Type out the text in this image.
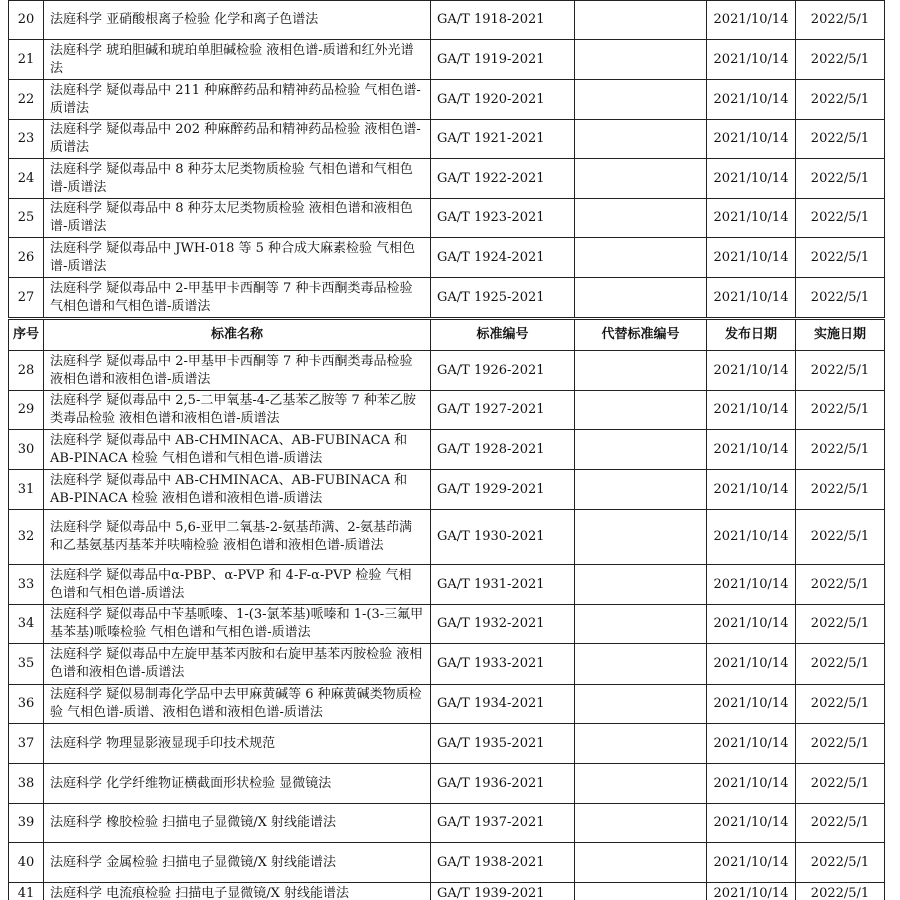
20	法庭科学 亚硝酸根离子检验 化学和离子色谱法	GA/T 1918-2021		2021/10/14	2022/5/1
21	法庭科学 琥珀胆碱和琥珀单胆碱检验 液相色谱-质谱和红外光谱法	GA/T 1919-2021		2021/10/14	2022/5/1
22	法庭科学 疑似毒品中 211 种麻醉药品和精神药品检验 气相色谱-质谱法	GA/T 1920-2021		2021/10/14	2022/5/1
23	法庭科学 疑似毒品中 202 种麻醉药品和精神药品检验 液相色谱-质谱法	GA/T 1921-2021		2021/10/14	2022/5/1
24	法庭科学 疑似毒品中 8 种芬太尼类物质检验 气相色谱和气相色谱-质谱法	GA/T 1922-2021		2021/10/14	2022/5/1
25	法庭科学 疑似毒品中 8 种芬太尼类物质检验 液相色谱和液相色谱-质谱法	GA/T 1923-2021		2021/10/14	2022/5/1
26	法庭科学 疑似毒品中 JWH-018 等 5 种合成大麻素检验 气相色谱-质谱法	GA/T 1924-2021		2021/10/14	2022/5/1
27	法庭科学 疑似毒品中 2-甲基甲卡西酮等 7 种卡西酮类毒品检验 气相色谱和气相色谱-质谱法	GA/T 1925-2021		2021/10/14	2022/5/1
序号	标准名称	标准编号	代替标准编号	发布日期	实施日期
28	法庭科学 疑似毒品中 2-甲基甲卡西酮等 7 种卡西酮类毒品检验 液相色谱和液相色谱-质谱法	GA/T 1926-2021		2021/10/14	2022/5/1
29	法庭科学 疑似毒品中 2,5-二甲氧基-4-乙基苯乙胺等 7 种苯乙胺类毒品检验 液相色谱和液相色谱-质谱法	GA/T 1927-2021		2021/10/14	2022/5/1
30	法庭科学 疑似毒品中 AB-CHMINACA、AB-FUBINACA 和 AB-PINACA 检验 气相色谱和气相色谱-质谱法	GA/T 1928-2021		2021/10/14	2022/5/1
31	法庭科学 疑似毒品中 AB-CHMINACA、AB-FUBINACA 和 AB-PINACA 检验 液相色谱和液相色谱-质谱法	GA/T 1929-2021		2021/10/14	2022/5/1
32	法庭科学 疑似毒品中 5,6-亚甲二氧基-2-氨基茚满、2-氨基茚满和乙基氨基丙基苯并呋喃检验 液相色谱和液相色谱-质谱法	GA/T 1930-2021		2021/10/14	2022/5/1
33	法庭科学 疑似毒品中α-PBP、α-PVP 和 4-F-α-PVP 检验 气相色谱和气相色谱-质谱法	GA/T 1931-2021		2021/10/14	2022/5/1
34	法庭科学 疑似毒品中苄基哌嗪、1-(3-氯苯基)哌嗪和 1-(3-三氟甲基苯基)哌嗪检验 气相色谱和气相色谱-质谱法	GA/T 1932-2021		2021/10/14	2022/5/1
35	法庭科学 疑似毒品中左旋甲基苯丙胺和右旋甲基苯丙胺检验 液相色谱和液相色谱-质谱法	GA/T 1933-2021		2021/10/14	2022/5/1
36	法庭科学 疑似易制毒化学品中去甲麻黄碱等 6 种麻黄碱类物质检验 气相色谱-质谱、液相色谱和液相色谱-质谱法	GA/T 1934-2021		2021/10/14	2022/5/1
37	法庭科学 物理显影液显现手印技术规范	GA/T 1935-2021		2021/10/14	2022/5/1
38	法庭科学 化学纤维物证横截面形状检验 显微镜法	GA/T 1936-2021		2021/10/14	2022/5/1
39	法庭科学 橡胶检验 扫描电子显微镜/X 射线能谱法	GA/T 1937-2021		2021/10/14	2022/5/1
40	法庭科学 金属检验 扫描电子显微镜/X 射线能谱法	GA/T 1938-2021		2021/10/14	2022/5/1
41	法庭科学 电流痕检验 扫描电子显微镜/X 射线能谱法	GA/T 1939-2021		2021/10/14	2022/5/1
